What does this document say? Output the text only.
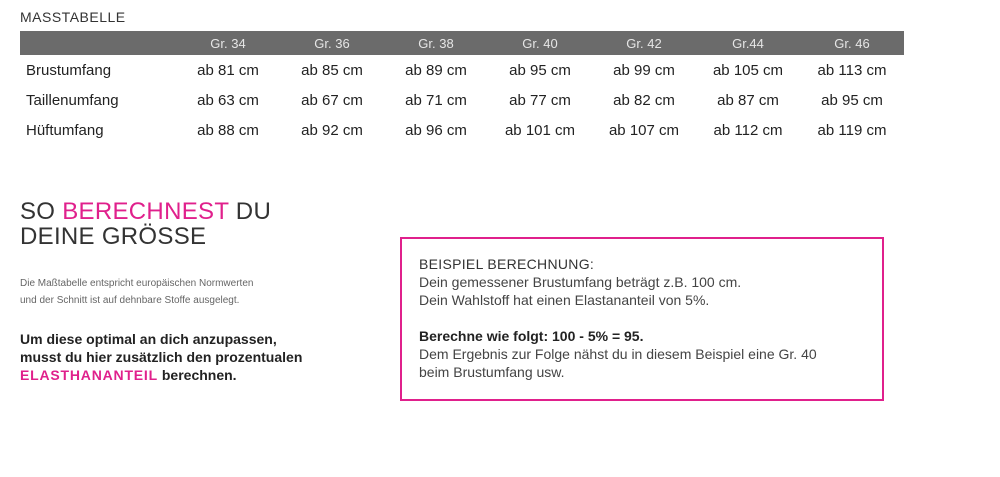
MASSTABELLE
	Gr. 34	Gr. 36	Gr. 38	Gr. 40	Gr. 42	Gr.44	Gr. 46
Brustumfang	ab 81 cm	ab 85 cm	ab 89 cm	ab 95 cm	ab 99 cm	ab 105 cm	ab 113 cm
Taillenumfang	ab 63 cm	ab 67 cm	ab 71 cm	ab 77 cm	ab 82 cm	ab 87 cm	ab 95 cm
Hüftumfang	ab 88 cm	ab 92 cm	ab 96 cm	ab 101 cm	ab 107 cm	ab 112 cm	ab 119 cm
SO BERECHNEST DU
DEINE GRÖSSE
Die Maßtabelle entspricht europäischen Normwerten
und der Schnitt ist auf dehnbare Stoffe ausgelegt.
Um diese optimal an dich anzupassen,
musst du hier zusätzlich den prozentualen
ELASTHANANTEIL berechnen.
BEISPIEL BERECHNUNG:
Dein gemessener Brustumfang beträgt z.B. 100 cm.
Dein Wahlstoff hat einen Elastananteil von 5%.
Berechne wie folgt: 100 - 5% = 95.
Dem Ergebnis zur Folge nähst du in diesem Beispiel eine Gr. 40
beim Brustumfang usw.
